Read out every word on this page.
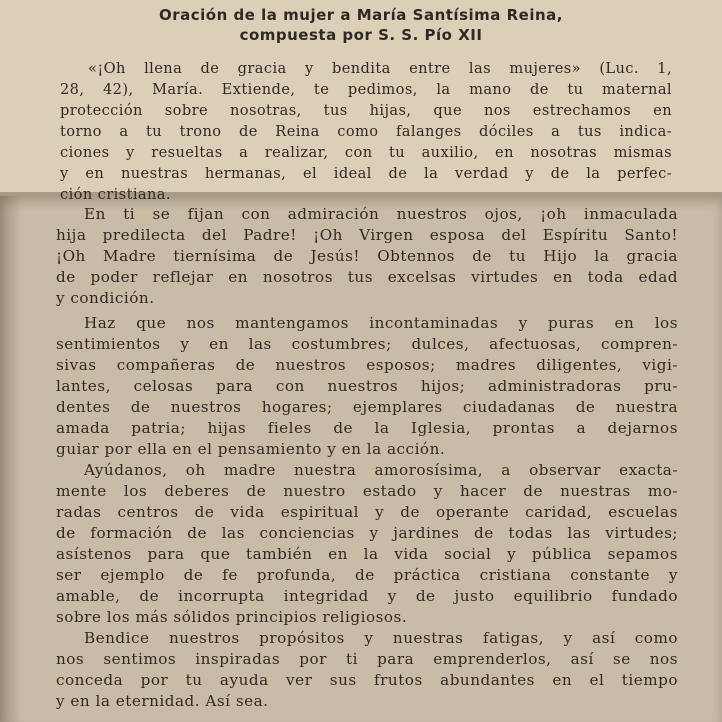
Oración de la mujer a María Santísima Reina,
compuesta por S. S. Pío XII
«¡Oh llena de gracia y bendita entre las mujeres» (Luc. 1,
28, 42), María. Extiende, te pedimos, la mano de tu maternal
protección sobre nosotras, tus hijas, que nos estrechamos en
torno a tu trono de Reina como falanges dóciles a tus indica-
ciones y resueltas a realizar, con tu auxilio, en nosotras mismas
y en nuestras hermanas, el ideal de la verdad y de la perfec-
ción cristiana.
En ti se fijan con admiración nuestros ojos, ¡oh inmaculada
hija predilecta del Padre! ¡Oh Virgen esposa del Espíritu Santo!
¡Oh Madre tiernísima de Jesús! Obtennos de tu Hijo la gracia
de poder reflejar en nosotros tus excelsas virtudes en toda edad
y condición.
Haz que nos mantengamos incontaminadas y puras en los
sentimientos y en las costumbres; dulces, afectuosas, compren-
sivas compañeras de nuestros esposos; madres diligentes, vigi-
lantes, celosas para con nuestros hijos; administradoras pru-
dentes de nuestros hogares; ejemplares ciudadanas de nuestra
amada patria; hijas fieles de la Iglesia, prontas a dejarnos
guiar por ella en el pensamiento y en la acción.
Ayúdanos, oh madre nuestra amorosísima, a observar exacta-
mente los deberes de nuestro estado y hacer de nuestras mo-
radas centros de vida espiritual y de operante caridad, escuelas
de formación de las conciencias y jardines de todas las virtudes;
asístenos para que también en la vida social y pública sepamos
ser ejemplo de fe profunda, de práctica cristiana constante y
amable, de incorrupta integridad y de justo equilibrio fundado
sobre los más sólidos principios religiosos.
Bendice nuestros propósitos y nuestras fatigas, y así como
nos sentimos inspiradas por ti para emprenderlos, así se nos
conceda por tu ayuda ver sus frutos abundantes en el tiempo
y en la eternidad. Así sea.
